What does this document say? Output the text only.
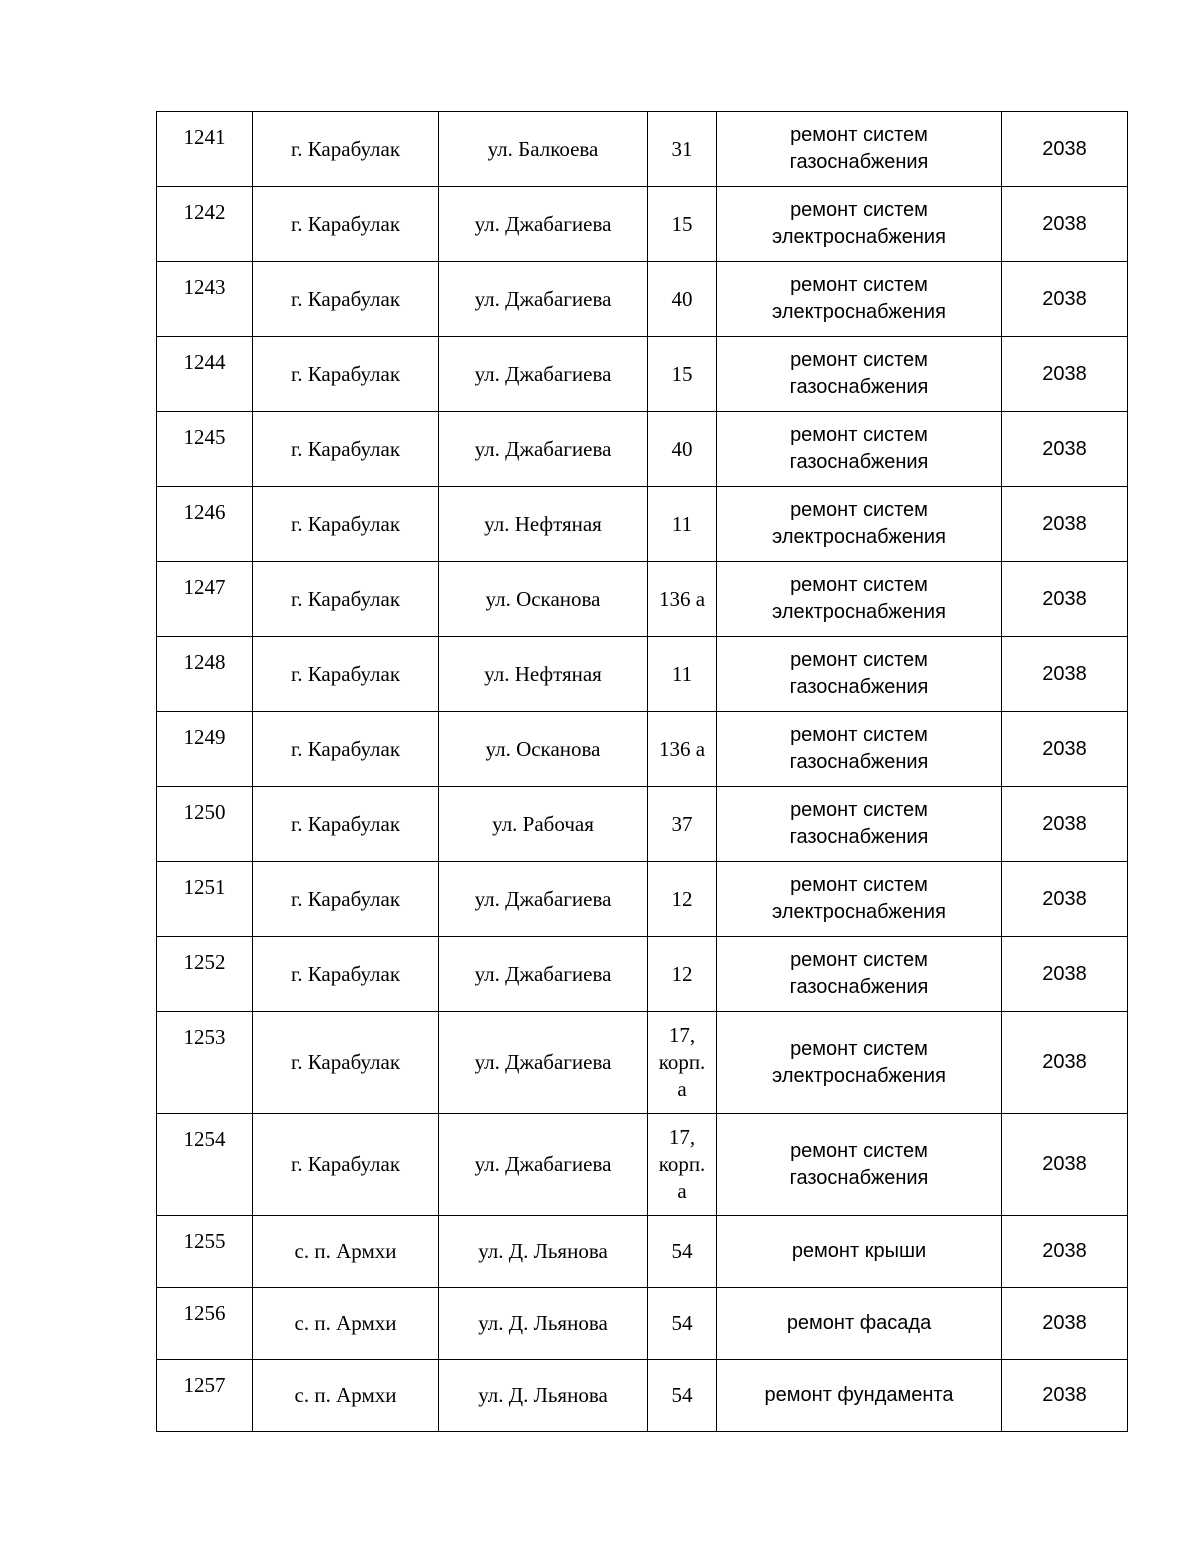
1241	г. Карабулак	ул. Балкоева	31	ремонт систем
газоснабжения	2038
1242	г. Карабулак	ул. Джабагиева	15	ремонт систем
электроснабжения	2038
1243	г. Карабулак	ул. Джабагиева	40	ремонт систем
электроснабжения	2038
1244	г. Карабулак	ул. Джабагиева	15	ремонт систем
газоснабжения	2038
1245	г. Карабулак	ул. Джабагиева	40	ремонт систем
газоснабжения	2038
1246	г. Карабулак	ул. Нефтяная	11	ремонт систем
электроснабжения	2038
1247	г. Карабулак	ул. Осканова	136 а	ремонт систем
электроснабжения	2038
1248	г. Карабулак	ул. Нефтяная	11	ремонт систем
газоснабжения	2038
1249	г. Карабулак	ул. Осканова	136 а	ремонт систем
газоснабжения	2038
1250	г. Карабулак	ул. Рабочая	37	ремонт систем
газоснабжения	2038
1251	г. Карабулак	ул. Джабагиева	12	ремонт систем
электроснабжения	2038
1252	г. Карабулак	ул. Джабагиева	12	ремонт систем
газоснабжения	2038
1253	г. Карабулак	ул. Джабагиева	17,
корп.
а	ремонт систем
электроснабжения	2038
1254	г. Карабулак	ул. Джабагиева	17,
корп.
а	ремонт систем
газоснабжения	2038
1255	с. п. Армхи	ул. Д. Льянова	54	ремонт крыши	2038
1256	с. п. Армхи	ул. Д. Льянова	54	ремонт фасада	2038
1257	с. п. Армхи	ул. Д. Льянова	54	ремонт фундамента	2038
